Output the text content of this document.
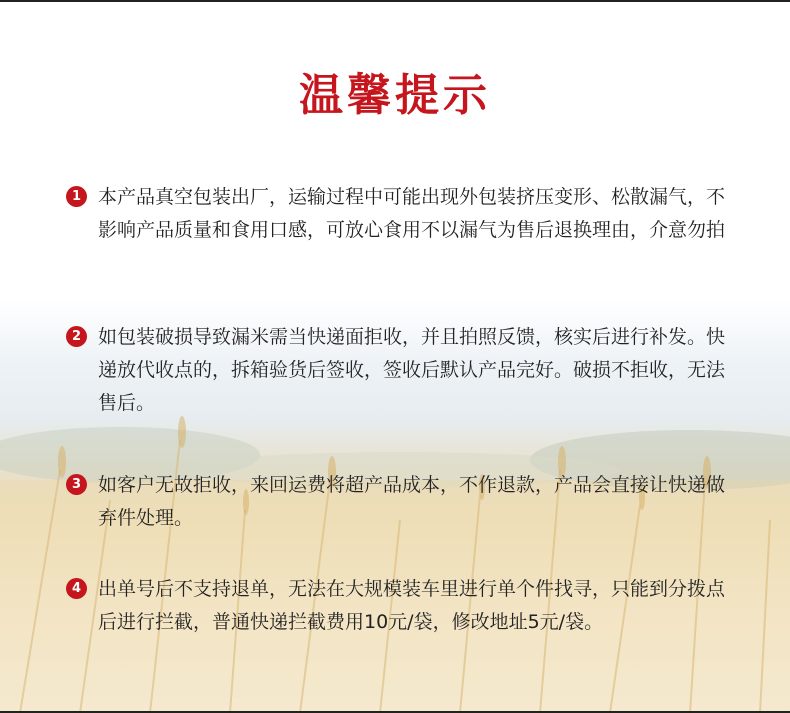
温馨提示
1 本产品真空包装出厂，运输过程中可能出现外包装挤压变形、松散漏气，不影响产品质量和食用口感，可放心食用不以漏气为售后退换理由，介意勿拍

2 如包装破损导致漏米需当快递面拒收，并且拍照反馈，核实后进行补发。快递放代收点的，拆箱验货后签收，签收后默认产品完好。破损不拒收，无法售后。

3 如客户无故拒收，来回运费将超产品成本，不作退款，产品会直接让快递做弃件处理。

4 出单号后不支持退单，无法在大规模装车里进行单个件找寻，只能到分拨点后进行拦截，普通快递拦截费用10元/袋，修改地址5元/袋。
